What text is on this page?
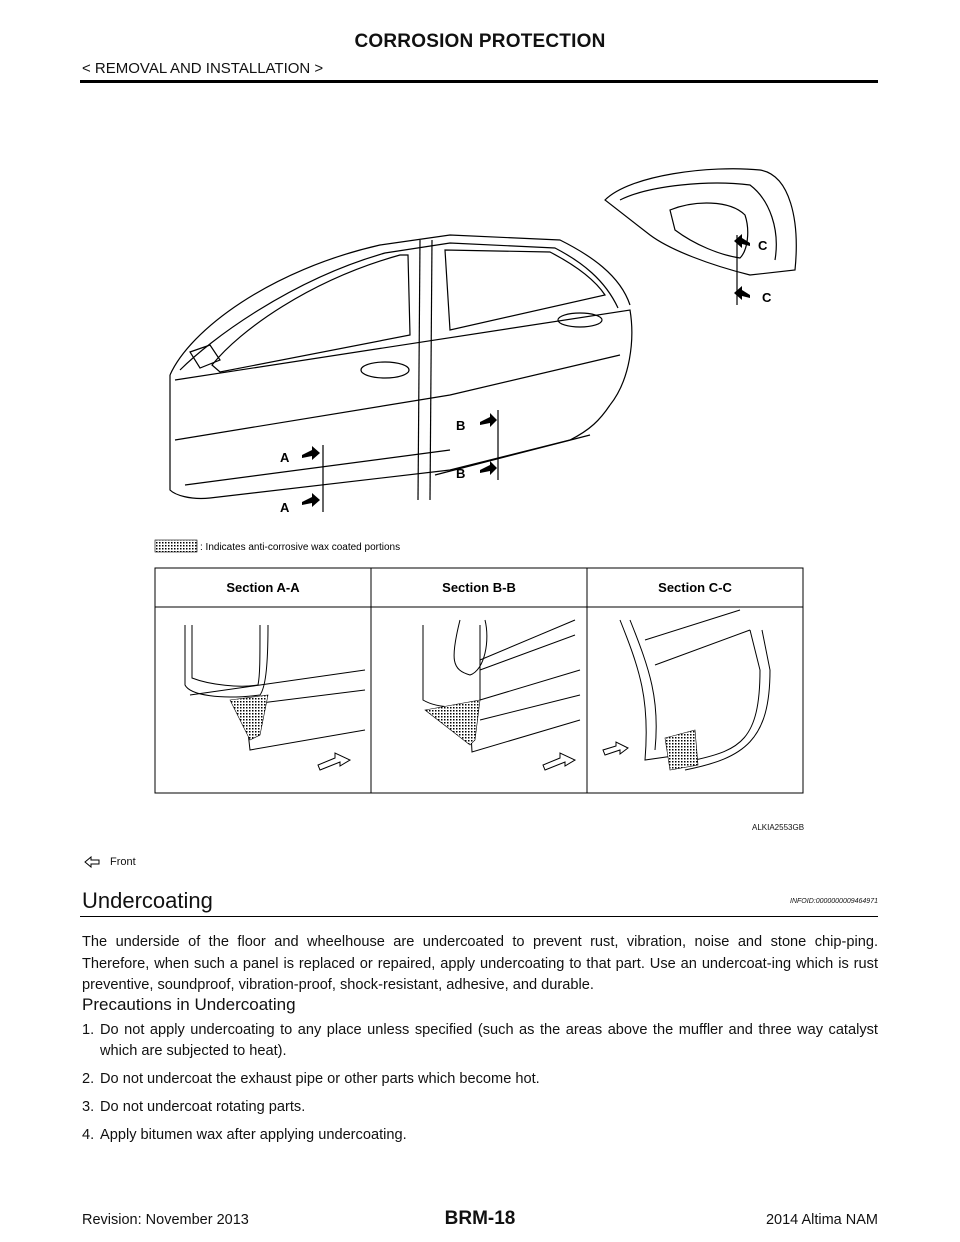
CORROSION PROTECTION
< REMOVAL AND INSTALLATION >
A
A
B
B
C
C
: Indicates anti-corrosive wax coated portions
Section A-A	Section B-B	Section C-C
ALKIA2553GB
Front
Undercoating	INFOID:0000000009464971

The underside of the floor and wheelhouse are undercoated to prevent rust, vibration, noise and stone chip-ping. Therefore, when such a panel is replaced or repaired, apply undercoating to that part. Use an undercoat-ing which is rust preventive, soundproof, vibration-proof, shock-resistant, adhesive, and durable.

Precautions in Undercoating
1. Do not apply undercoating to any place unless specified (such as the areas above the muffler and three way catalyst which are subjected to heat).
2. Do not undercoat the exhaust pipe or other parts which become hot.
3. Do not undercoat rotating parts.
4. Apply bitumen wax after applying undercoating.
Revision: November 2013	BRM-18	2014 Altima NAM
